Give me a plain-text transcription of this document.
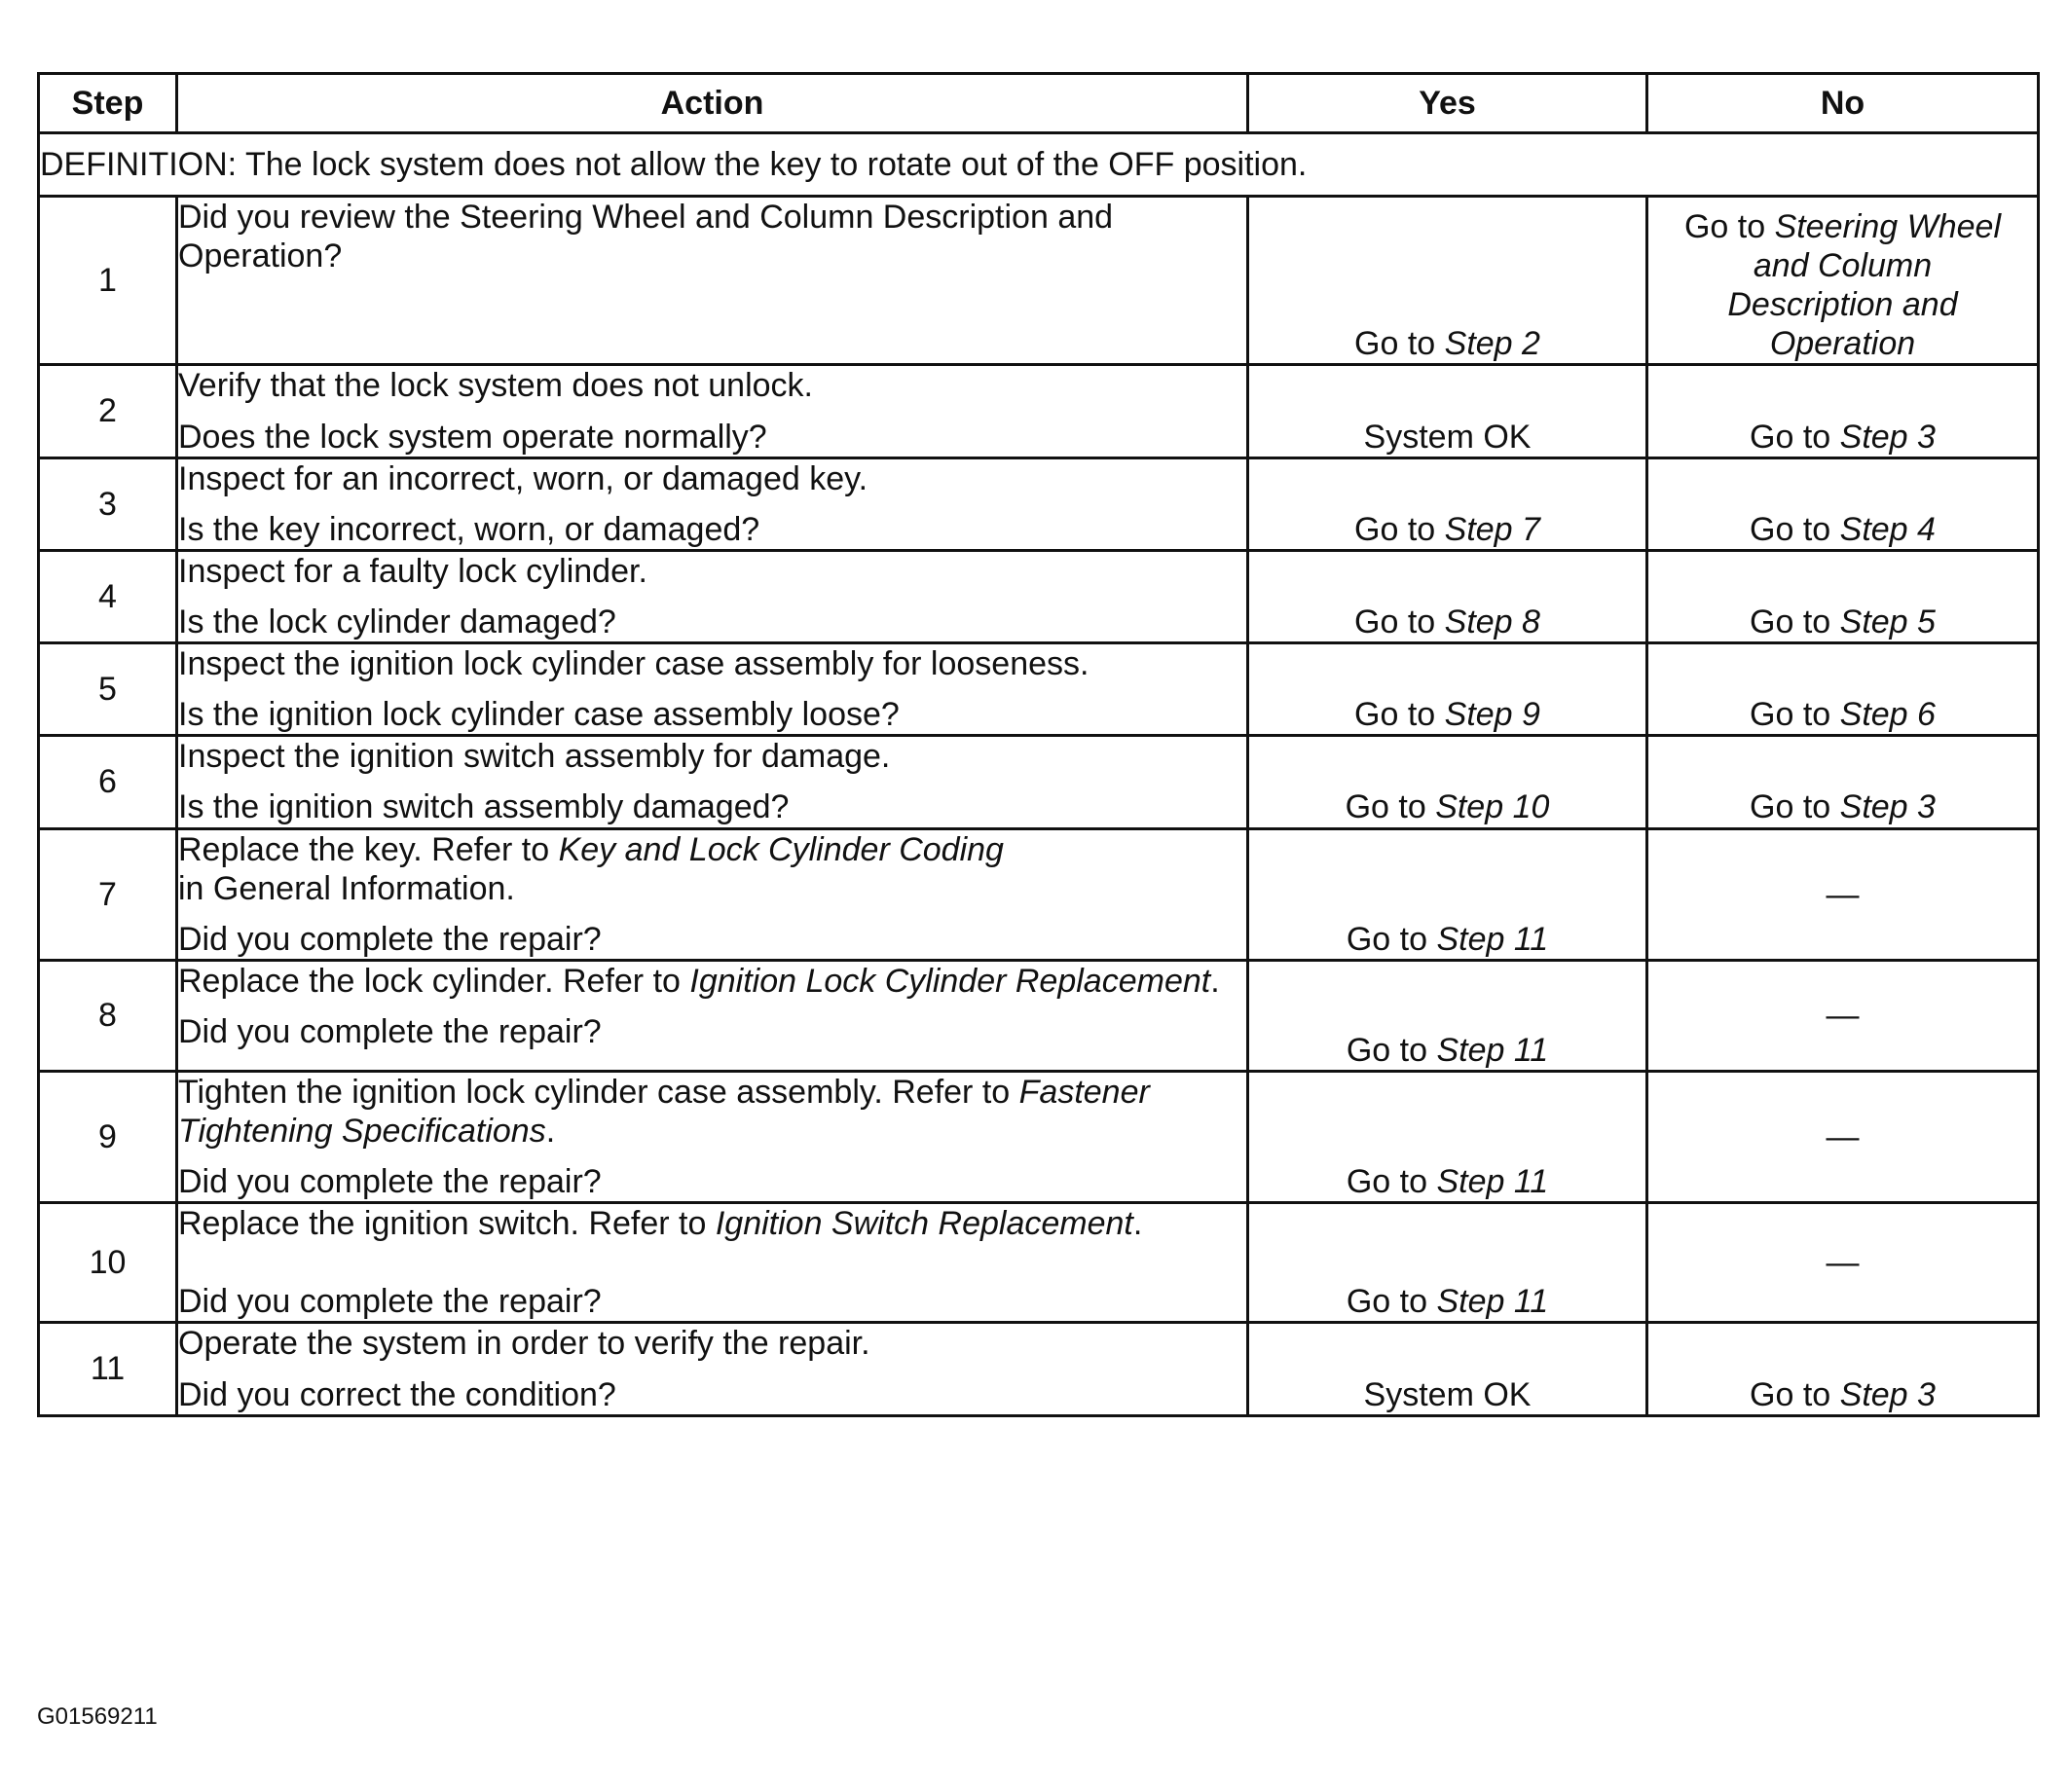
Step	Action	Yes	No
DEFINITION: The lock system does not allow the key to rotate out of the OFF position.			
1	Did you review the Steering Wheel and Column Description and Operation?	Go to Step 2	Go to Steering Wheel and Column Description and Operation
2	Verify that the lock system does not unlock.
Does the lock system operate normally?	System OK	Go to Step 3
3	Inspect for an incorrect, worn, or damaged key.
Is the key incorrect, worn, or damaged?	Go to Step 7	Go to Step 4
4	Inspect for a faulty lock cylinder.
Is the lock cylinder damaged?	Go to Step 8	Go to Step 5
5	Inspect the ignition lock cylinder case assembly for looseness.
Is the ignition lock cylinder case assembly loose?	Go to Step 9	Go to Step 6
6	Inspect the ignition switch assembly for damage.
Is the ignition switch assembly damaged?	Go to Step 10	Go to Step 3
7	Replace the key. Refer to Key and Lock Cylinder Coding
in General Information.
Did you complete the repair?	Go to Step 11	—
8	Replace the lock cylinder. Refer to Ignition Lock Cylinder Replacement.
Did you complete the repair?	Go to Step 11	—
9	Tighten the ignition lock cylinder case assembly. Refer to Fastener Tightening Specifications.
Did you complete the repair?	Go to Step 11	—
10	Replace the ignition switch. Refer to Ignition Switch Replacement.
Did you complete the repair?	Go to Step 11	—
11	Operate the system in order to verify the repair.
Did you correct the condition?	System OK	Go to Step 3
G01569211
